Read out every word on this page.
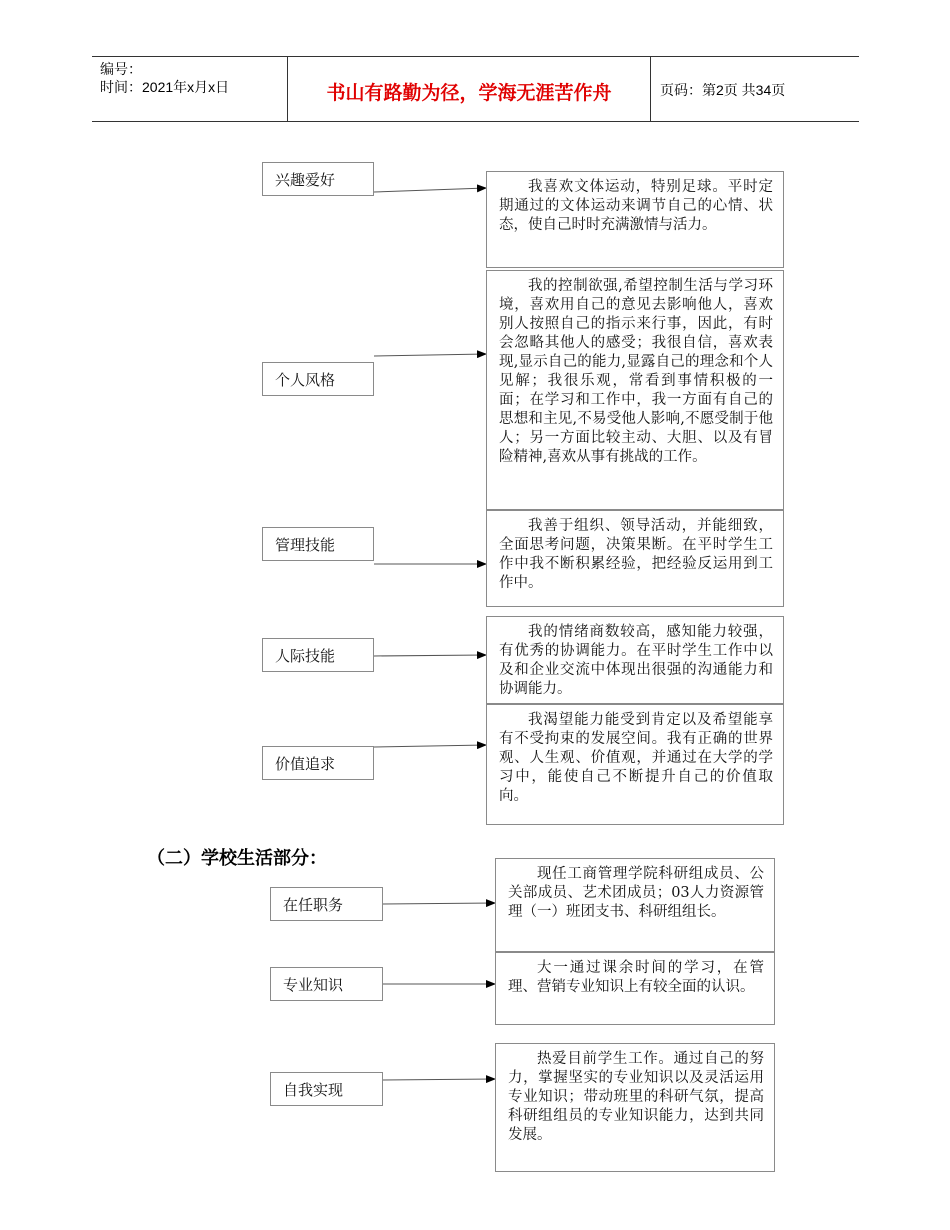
编号：
时间：2021年x月x日	书山有路勤为径，学海无涯苦作舟	页码：第2页 共34页
兴趣爱好
个人风格
管理技能
人际技能
价值追求
我喜欢文体运动，特别足球。平时定期通过的文体运动来调节自己的心情、状态，使自己时时充满激情与活力。
我的控制欲强,希望控制生活与学习环境，喜欢用自己的意见去影响他人，喜欢别人按照自己的指示来行事，因此，有时会忽略其他人的感受；我很自信，喜欢表现,显示自己的能力,显露自己的理念和个人见解；我很乐观，常看到事情积极的一面；在学习和工作中，我一方面有自己的思想和主见,不易受他人影响,不愿受制于他人；另一方面比较主动、大胆、以及有冒险精神,喜欢从事有挑战的工作。
我善于组织、领导活动，并能细致，全面思考问题，决策果断。在平时学生工作中我不断积累经验，把经验反运用到工作中。
我的情绪商数较高，感知能力较强，有优秀的协调能力。在平时学生工作中以及和企业交流中体现出很强的沟通能力和协调能力。
我渴望能力能受到肯定以及希望能享有不受拘束的发展空间。我有正确的世界观、人生观、价值观，并通过在大学的学习中，能使自己不断提升自己的价值取向。
（二）学校生活部分：
在任职务
专业知识
自我实现
现任工商管理学院科研组成员、公关部成员、艺术团成员；03人力资源管理（一）班团支书、科研组组长。
大一通过课余时间的学习，在管理、营销专业知识上有较全面的认识。
热爱目前学生工作。通过自己的努力，掌握坚实的专业知识以及灵活运用专业知识；带动班里的科研气氛，提高科研组组员的专业知识能力，达到共同发展。
